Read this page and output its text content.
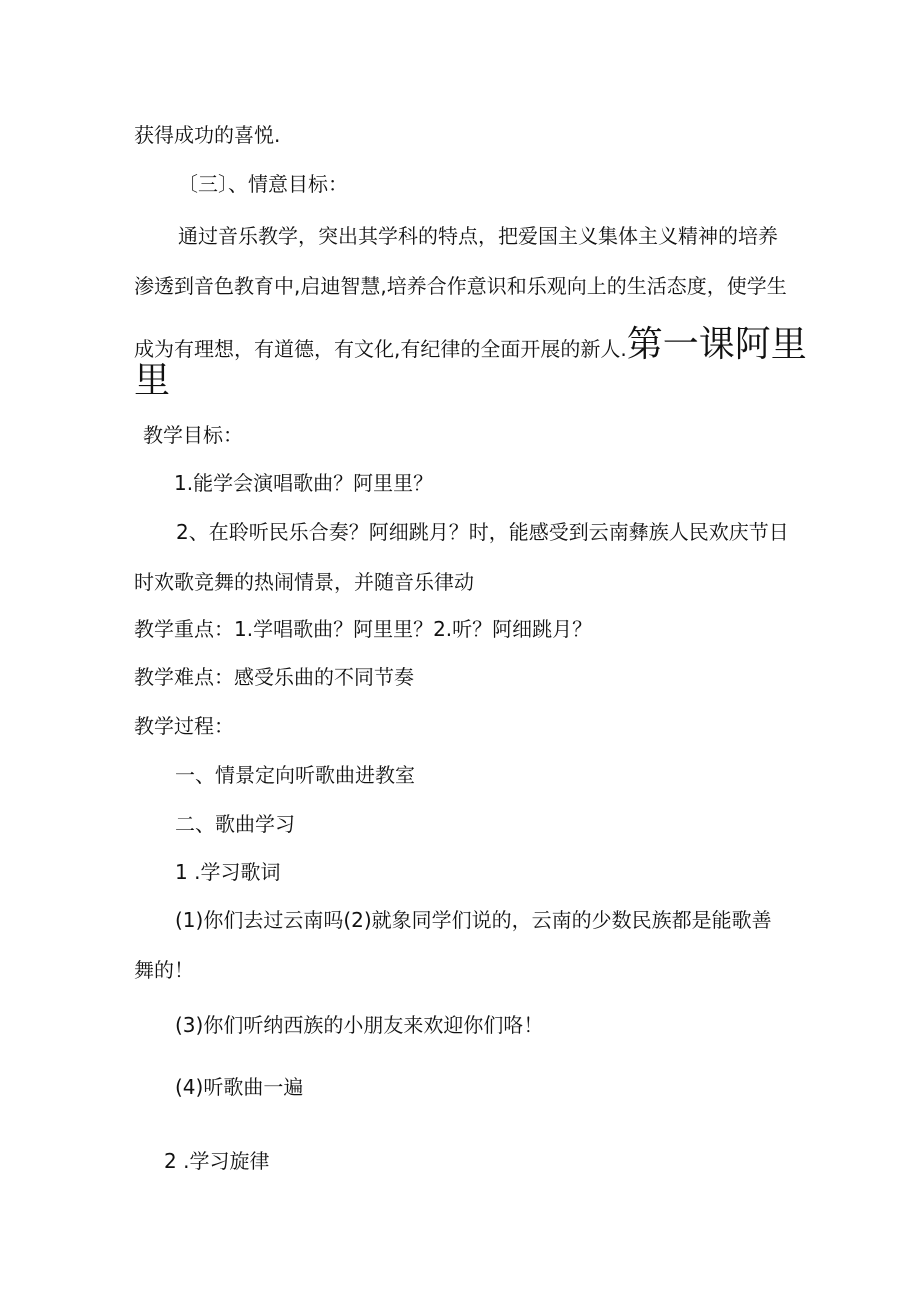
获得成功的喜悦.
〔三〕、情意目标：
通过音乐教学，突出其学科的特点，把爱国主义集体主义精神的培养
渗透到音色教育中,启迪智慧,培养合作意识和乐观向上的生活态度，使学生
成为有理想，有道德，有文化,有纪律的全面开展的新人.第一课阿里
里
教学目标：
1.能学会演唱歌曲？阿里里？
2、在聆听民乐合奏？阿细跳月？时，能感受到云南彝族人民欢庆节日
时欢歌竞舞的热闹情景，并随音乐律动
教学重点：1.学唱歌曲？阿里里？2.听？阿细跳月？
教学难点：感受乐曲的不同节奏
教学过程：
一、情景定向听歌曲进教室
二、歌曲学习
1 .学习歌词
(1)你们去过云南吗(2)就象同学们说的，云南的少数民族都是能歌善
舞的！
(3)你们听纳西族的小朋友来欢迎你们咯！
(4)听歌曲一遍
2 .学习旋律
